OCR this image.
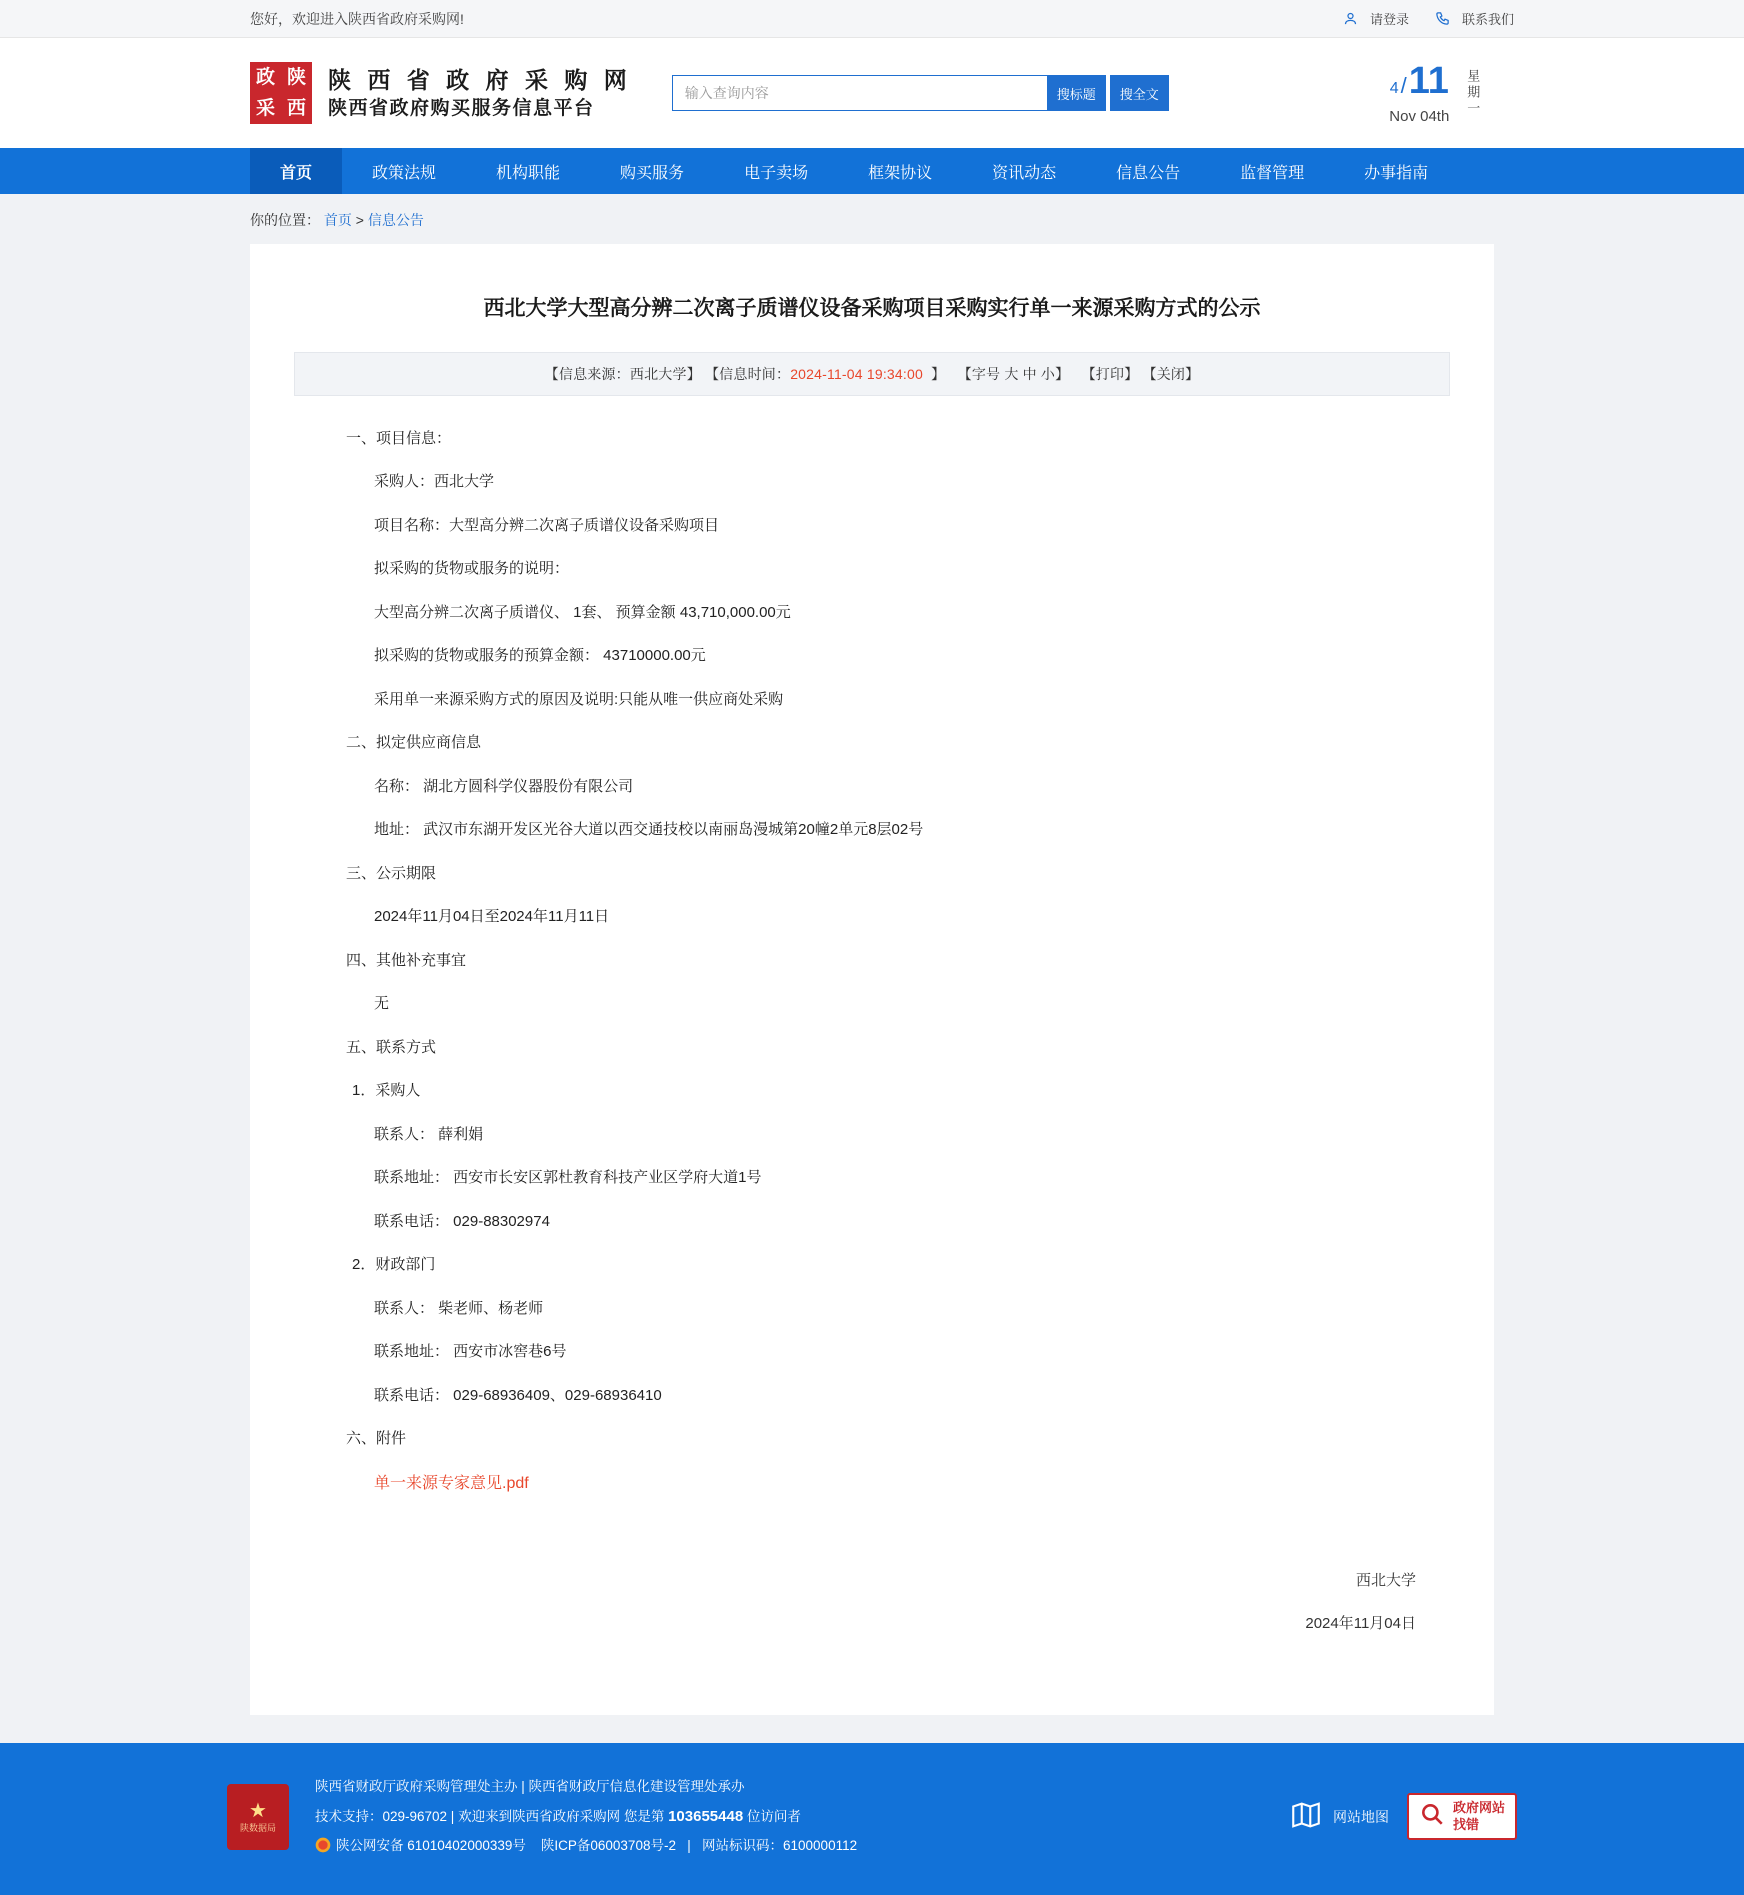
您好，欢迎进入陕西省政府采购网!	请登录	联系我们
政 陕
采 西
陕 西 省 政 府 采 购 网
陕西省政府购买服务信息平台
输入查询内容
搜标题	搜全文	4/11
Nov 04th 星期一
首页	政策法规	机构职能	购买服务	电子卖场	框架协议	资讯动态	信息公告	监督管理	办事指南
你的位置： 首页 > 信息公告
西北大学大型高分辨二次离子质谱仪设备采购项目采购实行单一来源采购方式的公示
【信息来源：西北大学】 【信息时间：2024-11-04 19:34:00 】 【字号 大 中 小】 【打印】 【关闭】

一、项目信息：

采购人：西北大学

项目名称：大型高分辨二次离子质谱仪设备采购项目

拟采购的货物或服务的说明：

大型高分辨二次离子质谱仪、 1套、 预算金额 43,710,000.00元

拟采购的货物或服务的预算金额： 43710000.00元

采用单一来源采购方式的原因及说明:只能从唯一供应商处采购

二、拟定供应商信息

名称： 湖北方圆科学仪器股份有限公司

地址： 武汉市东湖开发区光谷大道以西交通技校以南丽岛漫城第20幢2单元8层02号

三、公示期限

2024年11月04日至2024年11月11日

四、其他补充事宜

无

五、联系方式

1．采购人

联系人： 薛利娟

联系地址： 西安市长安区郭杜教育科技产业区学府大道1号

联系电话： 029-88302974

2．财政部门

联系人： 柴老师、杨老师

联系地址： 西安市冰窖巷6号

联系电话： 029-68936409、029-68936410

六、附件

单一来源专家意见.pdf

西北大学

2024年11月04日

★
陕数据局
陕西省财政厅政府采购管理处主办 | 陕西省财政厅信息化建设管理处承办
技术支持：029-96702 | 欢迎来到陕西省政府采购网 您是第 103655448 位访问者
陕公网安备 61010402000339号 陕ICP备06003708号-2 | 网站标识码：6100000112
网站地图
政府网站
找错
